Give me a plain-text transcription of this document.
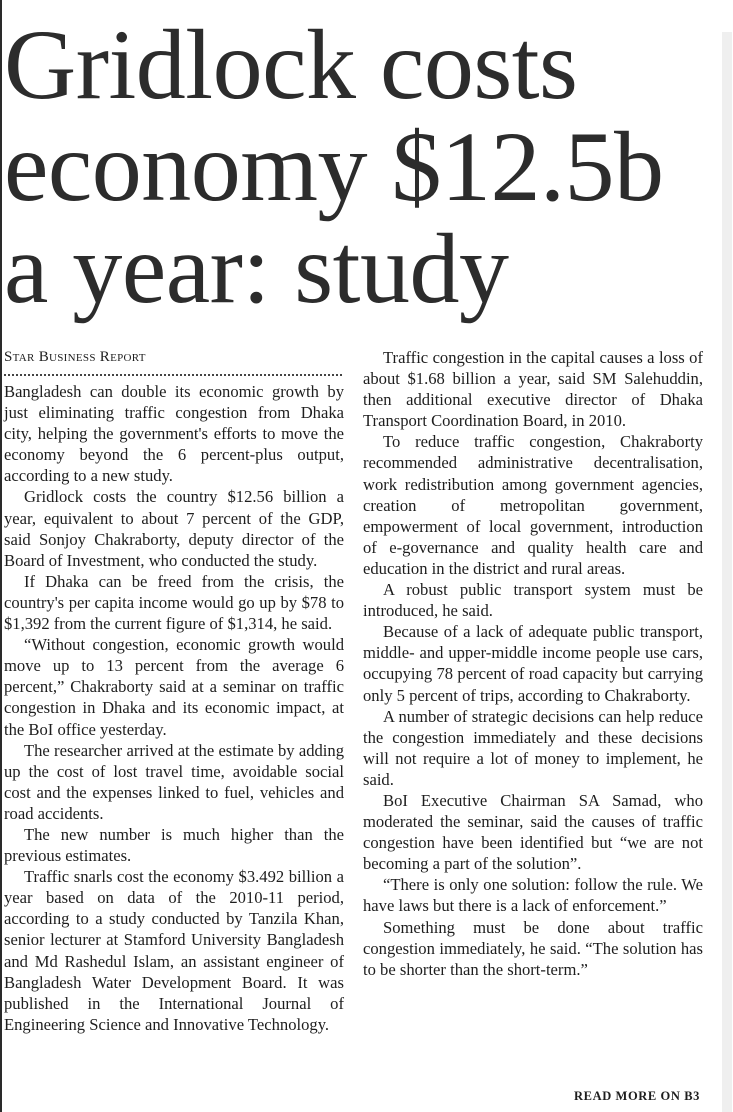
Gridlock costs
economy $12.5b
a year: study
Star Business Report

Bangladesh can double its economic growth by just eliminating traffic congestion from Dhaka city, helping the government's efforts to move the economy beyond the 6 percent-plus output, according to a new study.

Gridlock costs the country $12.56 billion a year, equivalent to about 7 percent of the GDP, said Sonjoy Chakraborty, deputy director of the Board of Investment, who conducted the study.

If Dhaka can be freed from the crisis, the country's per capita income would go up by $78 to $1,392 from the current figure of $1,314, he said.

“Without congestion, economic growth would move up to 13 percent from the average 6 percent,” Chakraborty said at a seminar on traffic congestion in Dhaka and its economic impact, at the BoI office yesterday.

The researcher arrived at the estimate by adding up the cost of lost travel time, avoidable social cost and the expenses linked to fuel, vehicles and road accidents.

The new number is much higher than the previous estimates.

Traffic snarls cost the economy $3.492 billion a year based on data of the 2010-11 period, according to a study conducted by Tanzila Khan, senior lecturer at Stamford University Bangladesh and Md Rashedul Islam, an assistant engineer of Bangladesh Water Development Board. It was published in the International Journal of Engineering Science and Innovative Technology.

Traffic congestion in the capital causes a loss of about $1.68 billion a year, said SM Salehuddin, then additional executive director of Dhaka Transport Coordination Board, in 2010.

To reduce traffic congestion, Chakraborty recommended administrative decentralisation, work redistribution among government agencies, creation of metropolitan government, empowerment of local government, introduction of e-governance and quality health care and education in the district and rural areas.

A robust public transport system must be introduced, he said.

Because of a lack of adequate public transport, middle- and upper-middle income people use cars, occupying 78 percent of road capacity but carrying only 5 percent of trips, according to Chakraborty.

A number of strategic decisions can help reduce the congestion immediately and these decisions will not require a lot of money to implement, he said.

BoI Executive Chairman SA Samad, who moderated the seminar, said the causes of traffic congestion have been identified but “we are not becoming a part of the solution”.

“There is only one solution: follow the rule. We have laws but there is a lack of enforcement.”

Something must be done about traffic congestion immediately, he said. “The solution has to be shorter than the short-term.”

READ MORE ON B3
